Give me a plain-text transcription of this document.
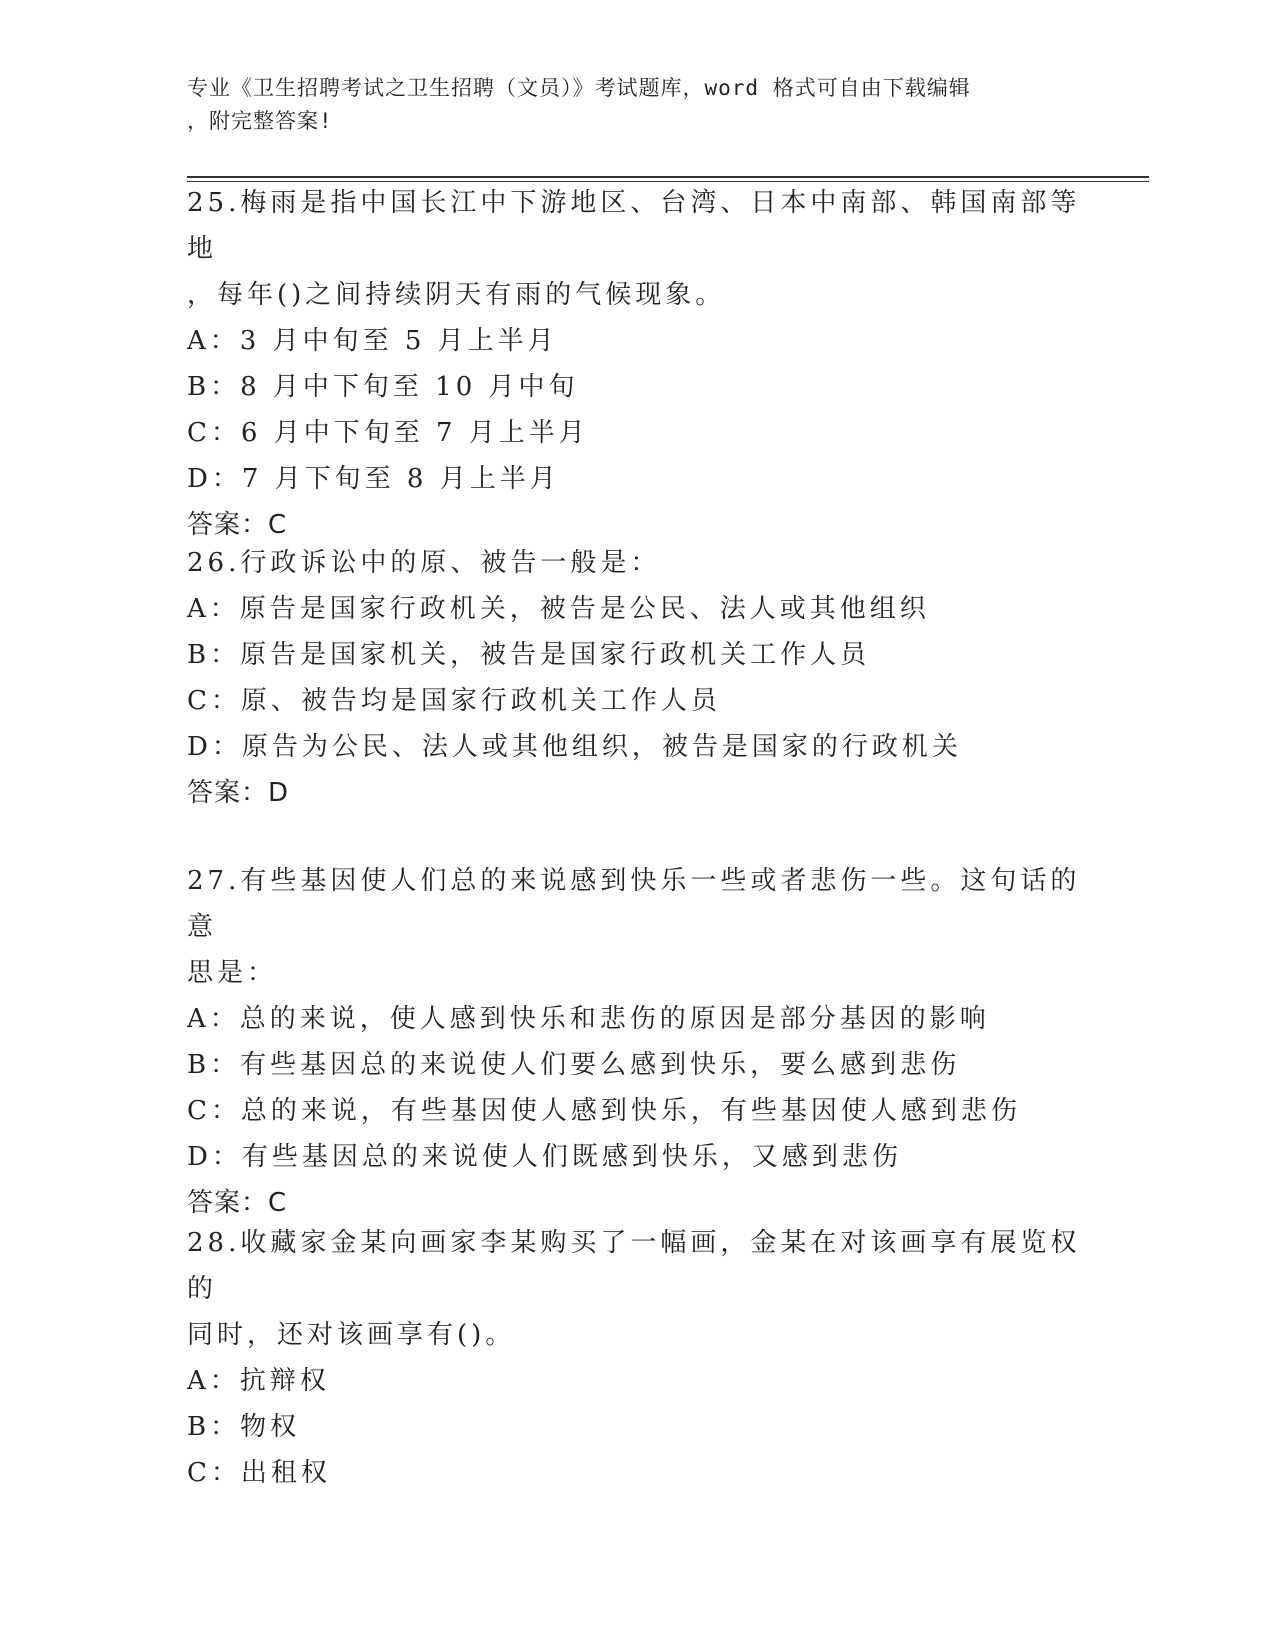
专业《卫生招聘考试之卫生招聘（文员）》考试题库，word 格式可自由下载编辑
，附完整答案!
25.梅雨是指中国长江中下游地区、台湾、日本中南部、韩国南部等地
，每年()之间持续阴天有雨的气候现象。
A：3 月中旬至 5 月上半月
B：8 月中下旬至 10 月中旬
C：6 月中下旬至 7 月上半月
D：7 月下旬至 8 月上半月
答案：C
26.行政诉讼中的原、被告一般是：
A：原告是国家行政机关，被告是公民、法人或其他组织
B：原告是国家机关，被告是国家行政机关工作人员
C：原、被告均是国家行政机关工作人员
D：原告为公民、法人或其他组织，被告是国家的行政机关
答案：D
27.有些基因使人们总的来说感到快乐一些或者悲伤一些。这句话的意
思是：
A：总的来说，使人感到快乐和悲伤的原因是部分基因的影响
B：有些基因总的来说使人们要么感到快乐，要么感到悲伤
C：总的来说，有些基因使人感到快乐，有些基因使人感到悲伤
D：有些基因总的来说使人们既感到快乐，又感到悲伤
答案：C
28.收藏家金某向画家李某购买了一幅画，金某在对该画享有展览权的
同时，还对该画享有()。
A：抗辩权
B：物权
C：出租权
